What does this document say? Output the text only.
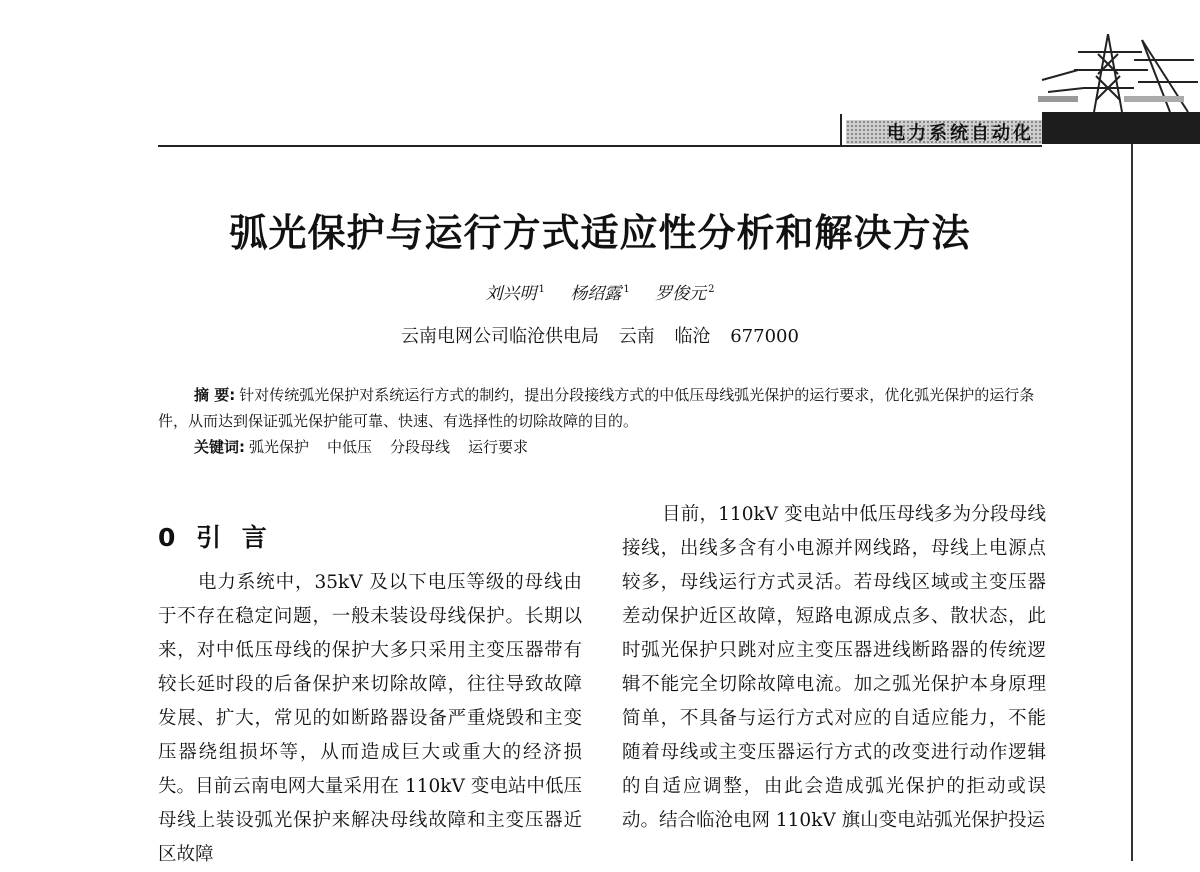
电力系统自动化
弧光保护与运行方式适应性分析和解决方法
刘兴明 $^1$ 杨绍露 $^1$ 罗俊元 $^2$
云南电网公司临沧供电局 云南 临沧 677000

摘 要: 针对传统弧光保护对系统运行方式的制约，提出分段接线方式的中低压母线弧光保护的运行要求，优化弧光保护的运行条件，从而达到保证弧光保护能可靠、快速、有选择性的切除故障的目的。

关键词: 弧光保护 中低压 分段母线 运行要求

0 引 言

电力系统中，35kV 及以下电压等级的母线由于不存在稳定问题，一般未装设母线保护。长期以来，对中低压母线的保护大多只采用主变压器带有较长延时段的后备保护来切除故障，往往导致故障发展、扩大，常见的如断路器设备严重烧毁和主变压器绕组损坏等，从而造成巨大或重大的经济损失。目前云南电网大量采用在 110kV 变电站中低压母线上装设弧光保护来解决母线故障和主变压器近区故障

目前，110kV 变电站中低压母线多为分段母线接线，出线多含有小电源并网线路，母线上电源点较多，母线运行方式灵活。若母线区域或主变压器差动保护近区故障，短路电源成点多、散状态，此时弧光保护只跳对应主变压器进线断路器的传统逻辑不能完全切除故障电流。加之弧光保护本身原理简单，不具备与运行方式对应的自适应能力，不能随着母线或主变压器运行方式的改变进行动作逻辑的自适应调整，由此会造成弧光保护的拒动或误动。结合临沧电网 110kV 旗山变电站弧光保护投运
